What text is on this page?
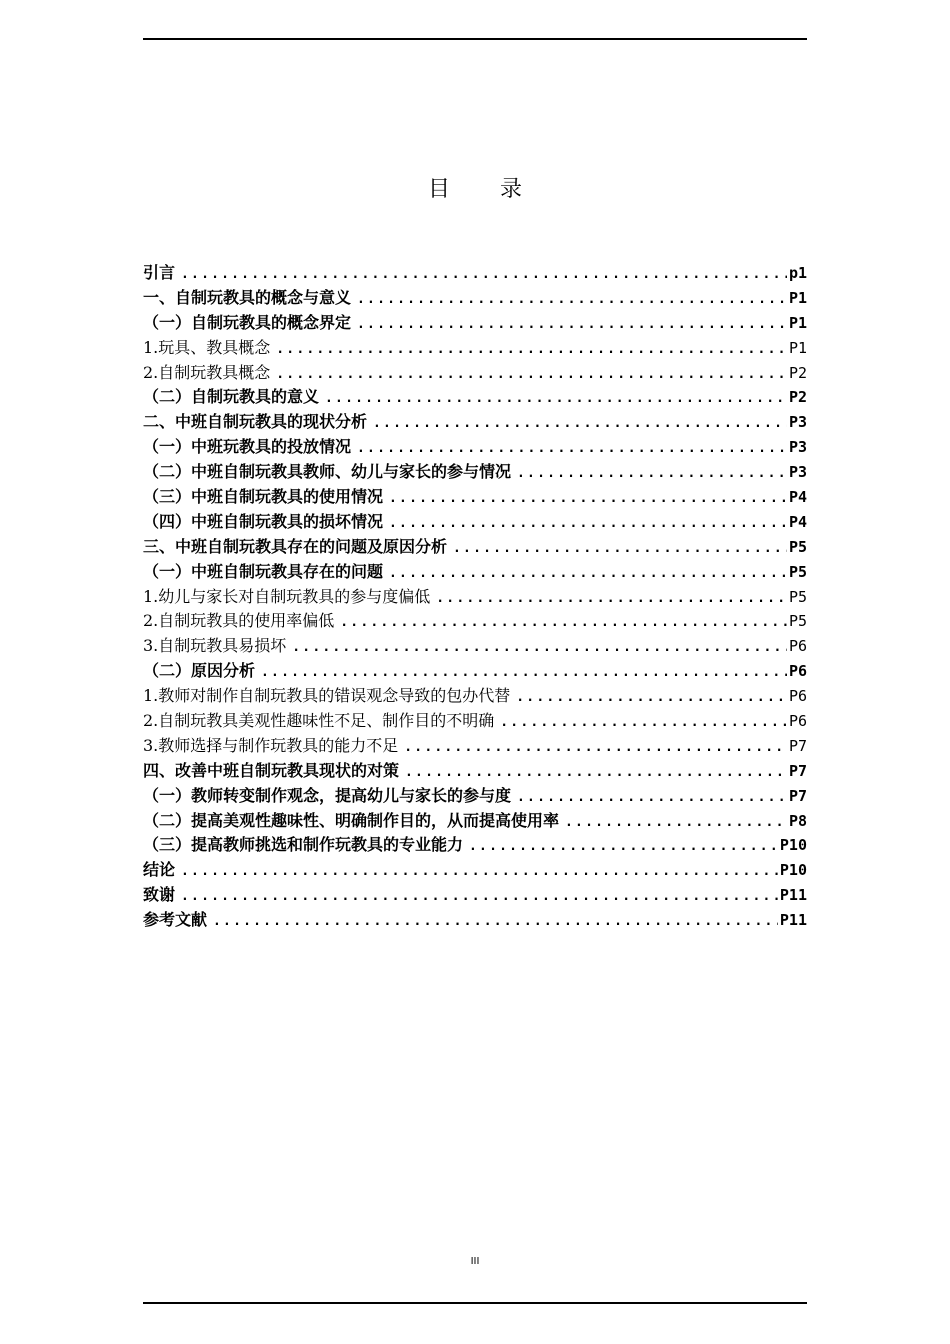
目录
引言 .....	p1
一、自制玩教具的概念与意义 .....	P1
（一）自制玩教具的概念界定 .....	P1
1.玩具、教具概念 .....	P1
2.自制玩教具概念 .....	P2
（二）自制玩教具的意义 .....	P2
二、中班自制玩教具的现状分析 .....	P3
（一）中班玩教具的投放情况 .....	P3
（二）中班自制玩教具教师、幼儿与家长的参与情况 .....	P3
（三）中班自制玩教具的使用情况 .....	P4
（四）中班自制玩教具的损坏情况 .....	P4
三、中班自制玩教具存在的问题及原因分析 .....	P5
（一）中班自制玩教具存在的问题 .....	P5
1.幼儿与家长对自制玩教具的参与度偏低 .....	P5
2.自制玩教具的使用率偏低 .....	P5
3.自制玩教具易损坏 .....	P6
（二）原因分析 .....	P6
1.教师对制作自制玩教具的错误观念导致的包办代替 .....	P6
2.自制玩教具美观性趣味性不足、制作目的不明确 .....	P6
3.教师选择与制作玩教具的能力不足 .....	P7
四、改善中班自制玩教具现状的对策 .....	P7
（一）教师转变制作观念，提高幼儿与家长的参与度 .....	P7
（二）提高美观性趣味性、明确制作目的，从而提高使用率 .....	P8
（三）提高教师挑选和制作玩教具的专业能力 .....	P10
结论 .....	P10
致谢 .....	P11
参考文献 .....	P11
III
